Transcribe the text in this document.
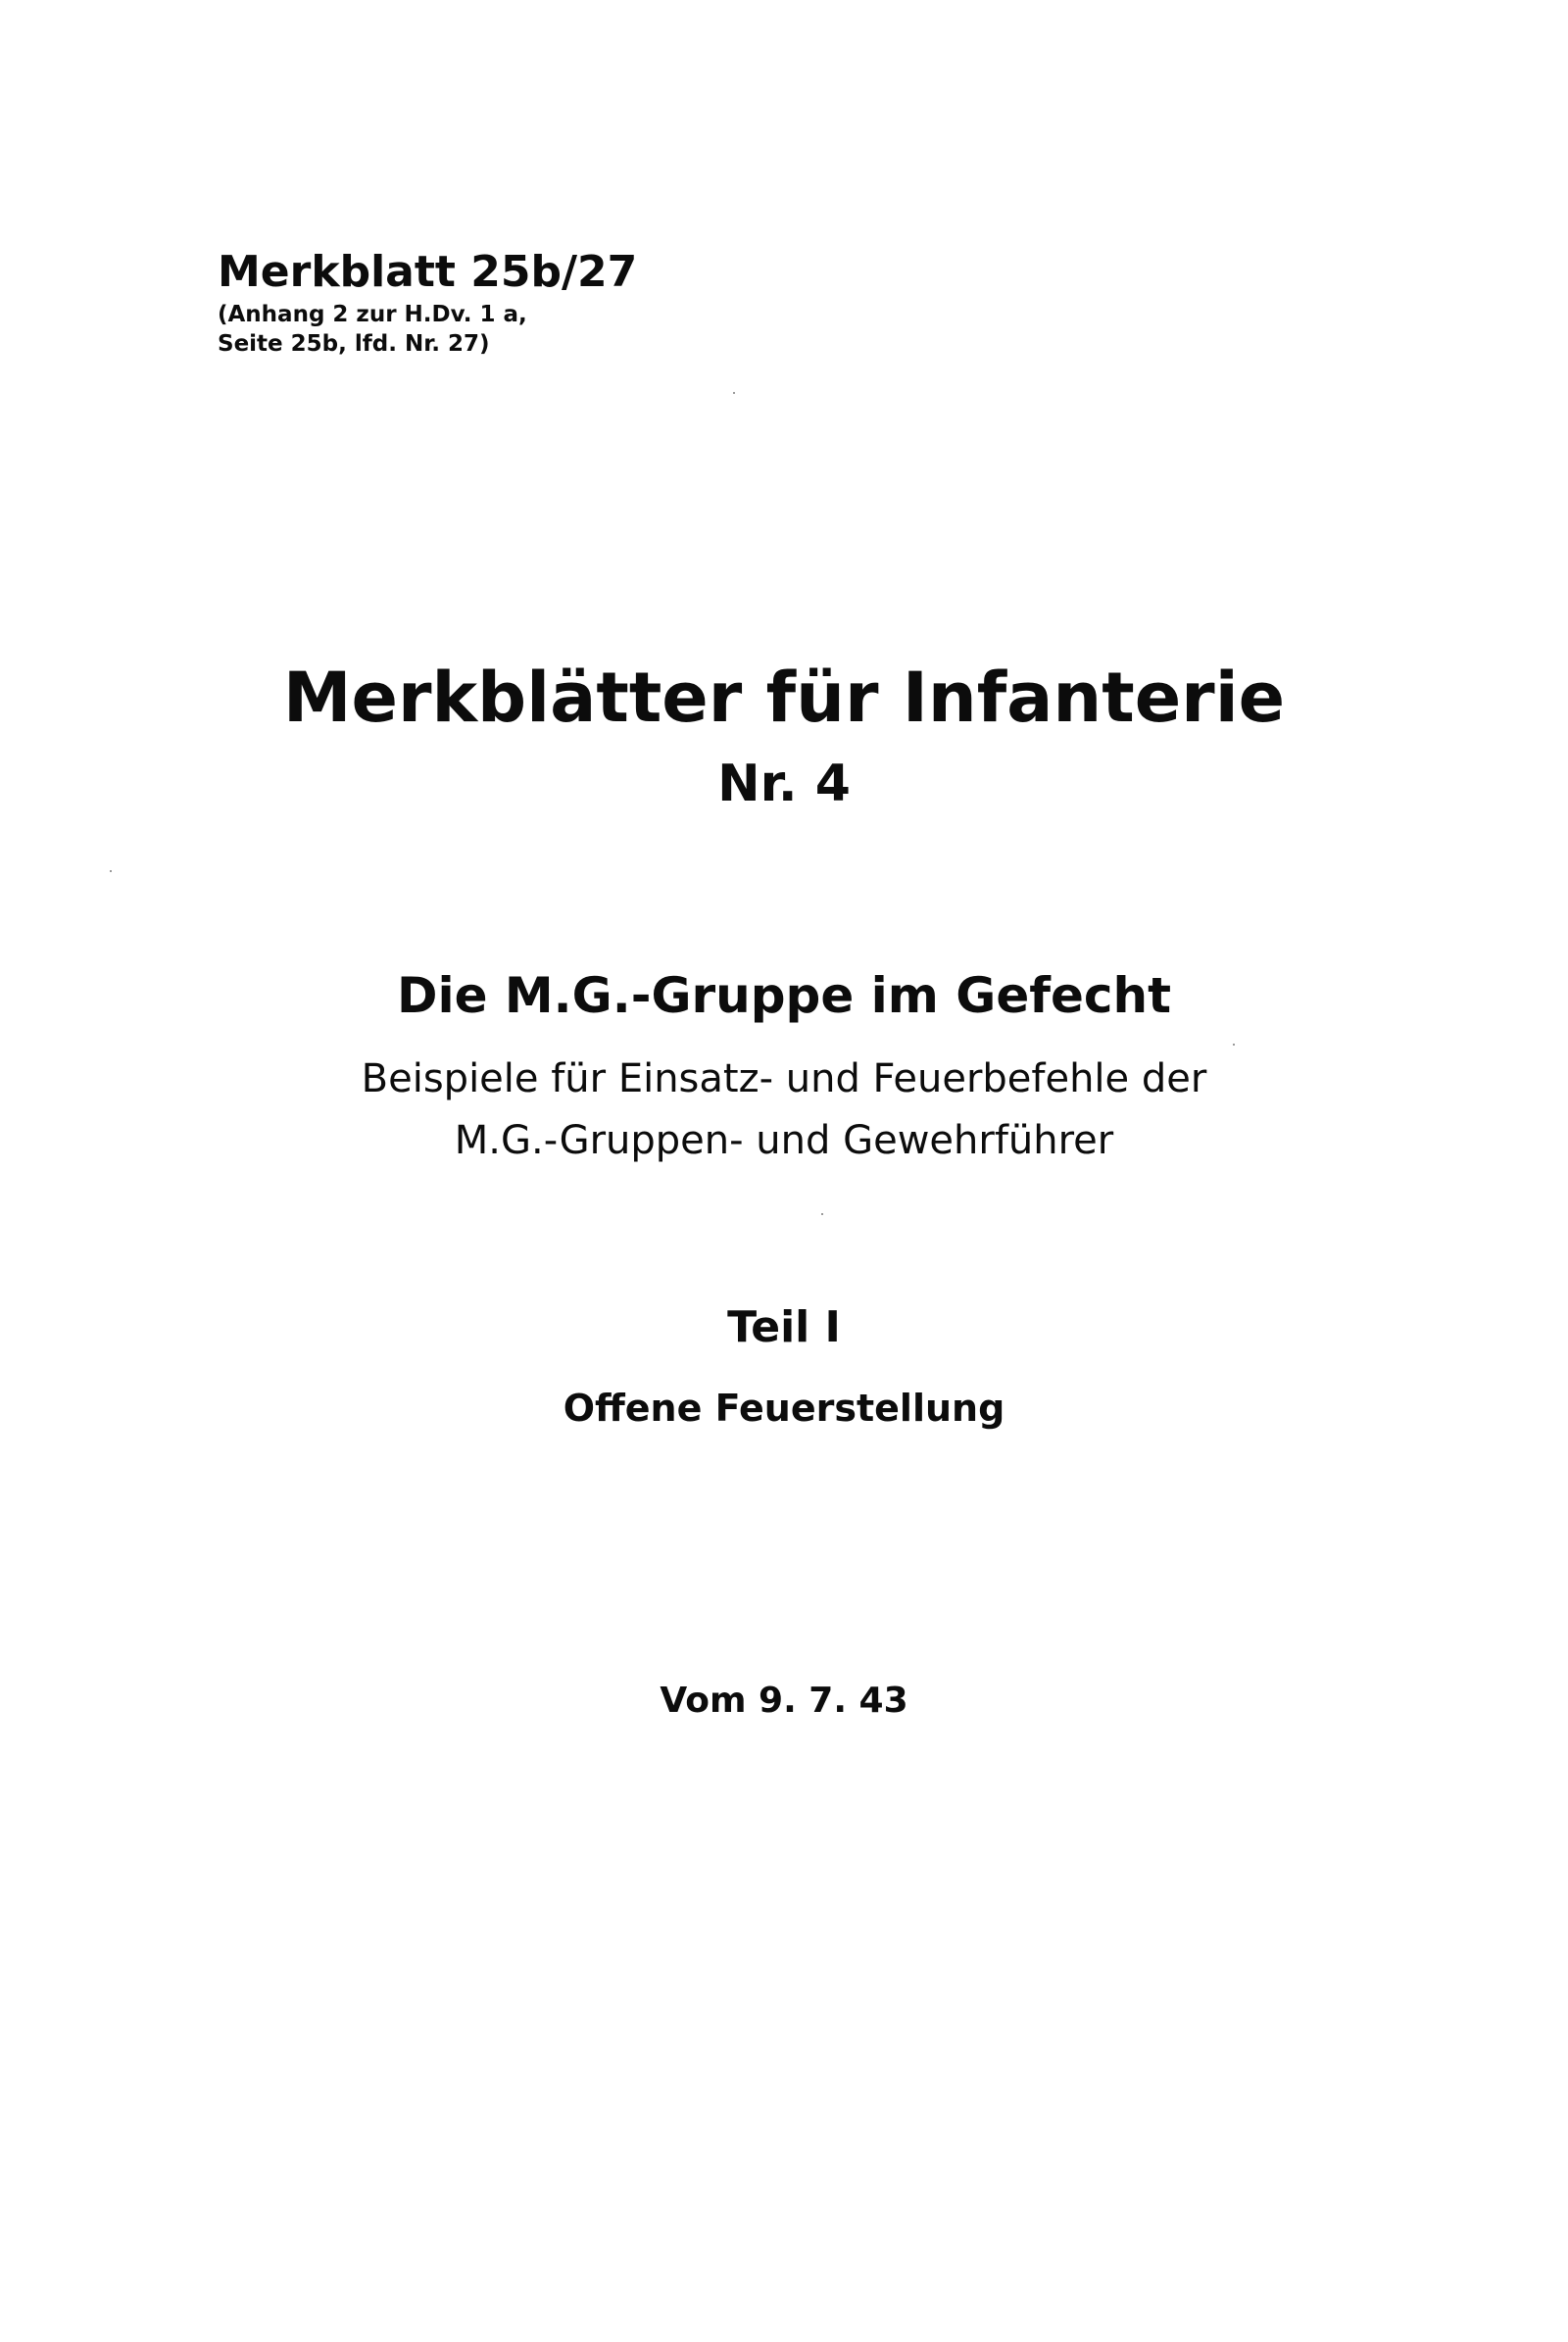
Merkblatt 25b/27
(Anhang 2 zur H.Dv. 1 a,
Seite 25b, lfd. Nr. 27)
Merkblätter für Infanterie
Nr. 4
Die M.G.-Gruppe im Gefecht
Beispiele für Einsatz- und Feuerbefehle der
M.G.-Gruppen- und Gewehrführer
Teil I
Offene Feuerstellung
Vom 9. 7. 43
